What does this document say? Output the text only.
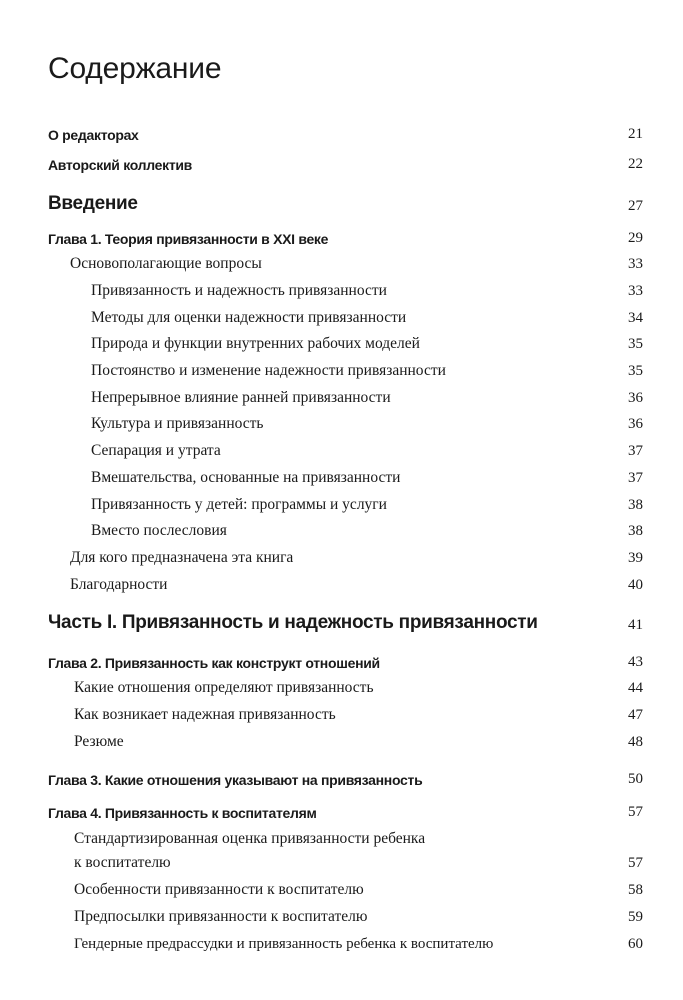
Содержание
О редакторах	21
Авторский коллектив	22
Введение	27
Глава 1. Теория привязанности в XXI веке	29
Основополагающие вопросы	33
Привязанность и надежность привязанности	33
Методы для оценки надежности привязанности	34
Природа и функции внутренних рабочих моделей	35
Постоянство и изменение надежности привязанности	35
Непрерывное влияние ранней привязанности	36
Культура и привязанность	36
Сепарация и утрата	37
Вмешательства, основанные на привязанности	37
Привязанность у детей: программы и услуги	38
Вместо послесловия	38
Для кого предназначена эта книга	39
Благодарности	40
Часть I. Привязанность и надежность привязанности	41
Глава 2. Привязанность как конструкт отношений	43
Какие отношения определяют привязанность	44
Как возникает надежная привязанность	47
Резюме	48
Глава 3. Какие отношения указывают на привязанность	50
Глава 4. Привязанность к воспитателям	57
Стандартизированная оценка привязанности ребенка
к воспитателю	57
Особенности привязанности к воспитателю	58
Предпосылки привязанности к воспитателю	59
Гендерные предрассудки и привязанность ребенка к воспитателю	60
